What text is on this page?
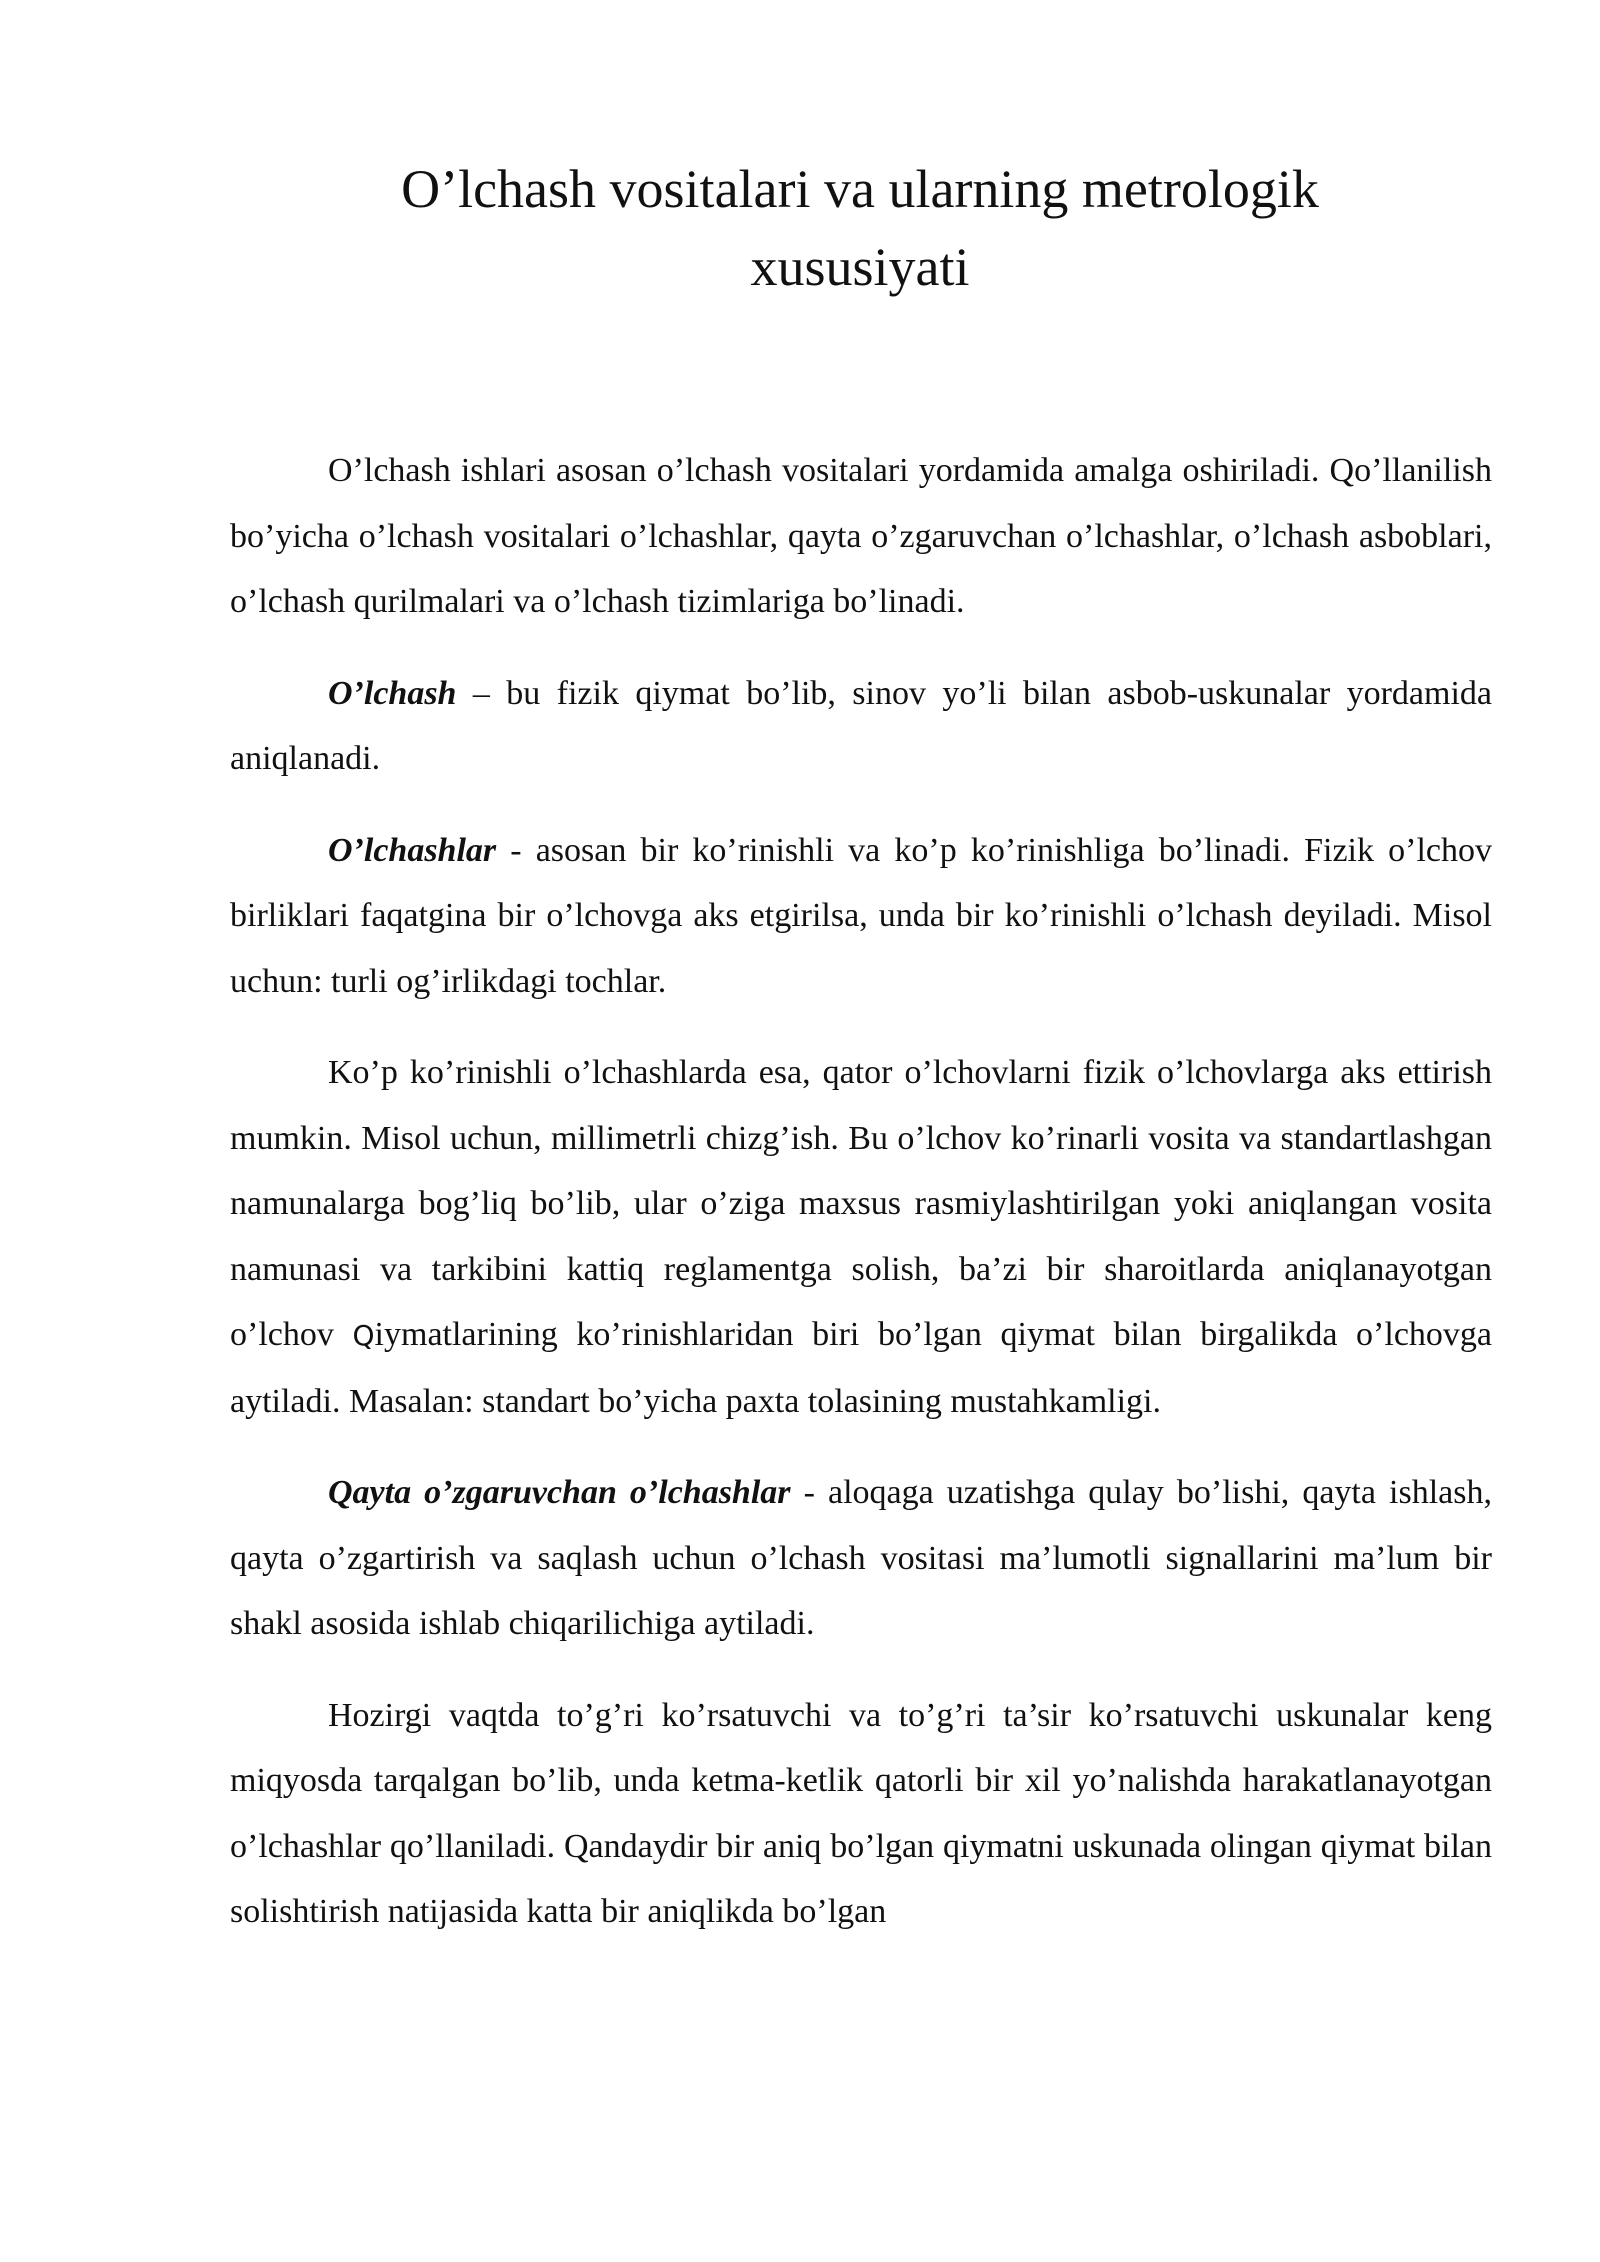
O’lchash vositalari va ularning metrologik xususiyati

O’lchash ishlari asosan o’lchash vositalari yordamida amalga oshiriladi. Qo’llanilish bo’yicha o’lchash vositalari o’lchashlar, qayta o’zgaruvchan o’lchashlar, o’lchash asboblari, o’lchash qurilmalari va o’lchash tizimlariga bo’linadi.

O’lchash – bu fizik qiymat bo’lib, sinov yo’li bilan asbob-uskunalar yordamida aniqlanadi.

O’lchashlar - asosan bir ko’rinishli va ko’p ko’rinishliga bo’linadi. Fizik o’lchov birliklari faqatgina bir o’lchovga aks etgirilsa, unda bir ko’rinishli o’lchash deyiladi. Misol uchun: turli og’irlikdagi tochlar.

Ko’p ko’rinishli o’lchashlarda esa, qator o’lchovlarni fizik o’lchovlarga aks ettirish mumkin. Misol uchun, millimetrli chizg’ish. Bu o’lchov ko’rinarli vosita va standartlashgan namunalarga bog’liq bo’lib, ular o’ziga maxsus rasmiylashtirilgan yoki aniqlangan vosita namunasi va tarkibini kattiq reglamentga solish, ba’zi bir sharoitlarda aniqlanayotgan o’lchov Qiymatlarining ko’rinishlaridan biri bo’lgan qiymat bilan birgalikda o’lchovga aytiladi. Masalan: standart bo’yicha paxta tolasining mustahkamligi.

Qayta o’zgaruvchan o’lchashlar - aloqaga uzatishga qulay bo’lishi, qayta ishlash, qayta o’zgartirish va saqlash uchun o’lchash vositasi ma’lumotli signallarini ma’lum bir shakl asosida ishlab chiqarilichiga aytiladi.

Hozirgi vaqtda to’g’ri ko’rsatuvchi va to’g’ri ta’sir ko’rsatuvchi uskunalar keng miqyosda tarqalgan bo’lib, unda ketma-ketlik qatorli bir xil yo’nalishda harakatlanayotgan o’lchashlar qo’llaniladi. Qandaydir bir aniq bo’lgan qiymatni uskunada olingan qiymat bilan solishtirish natijasida katta bir aniqlikda bo’lgan
